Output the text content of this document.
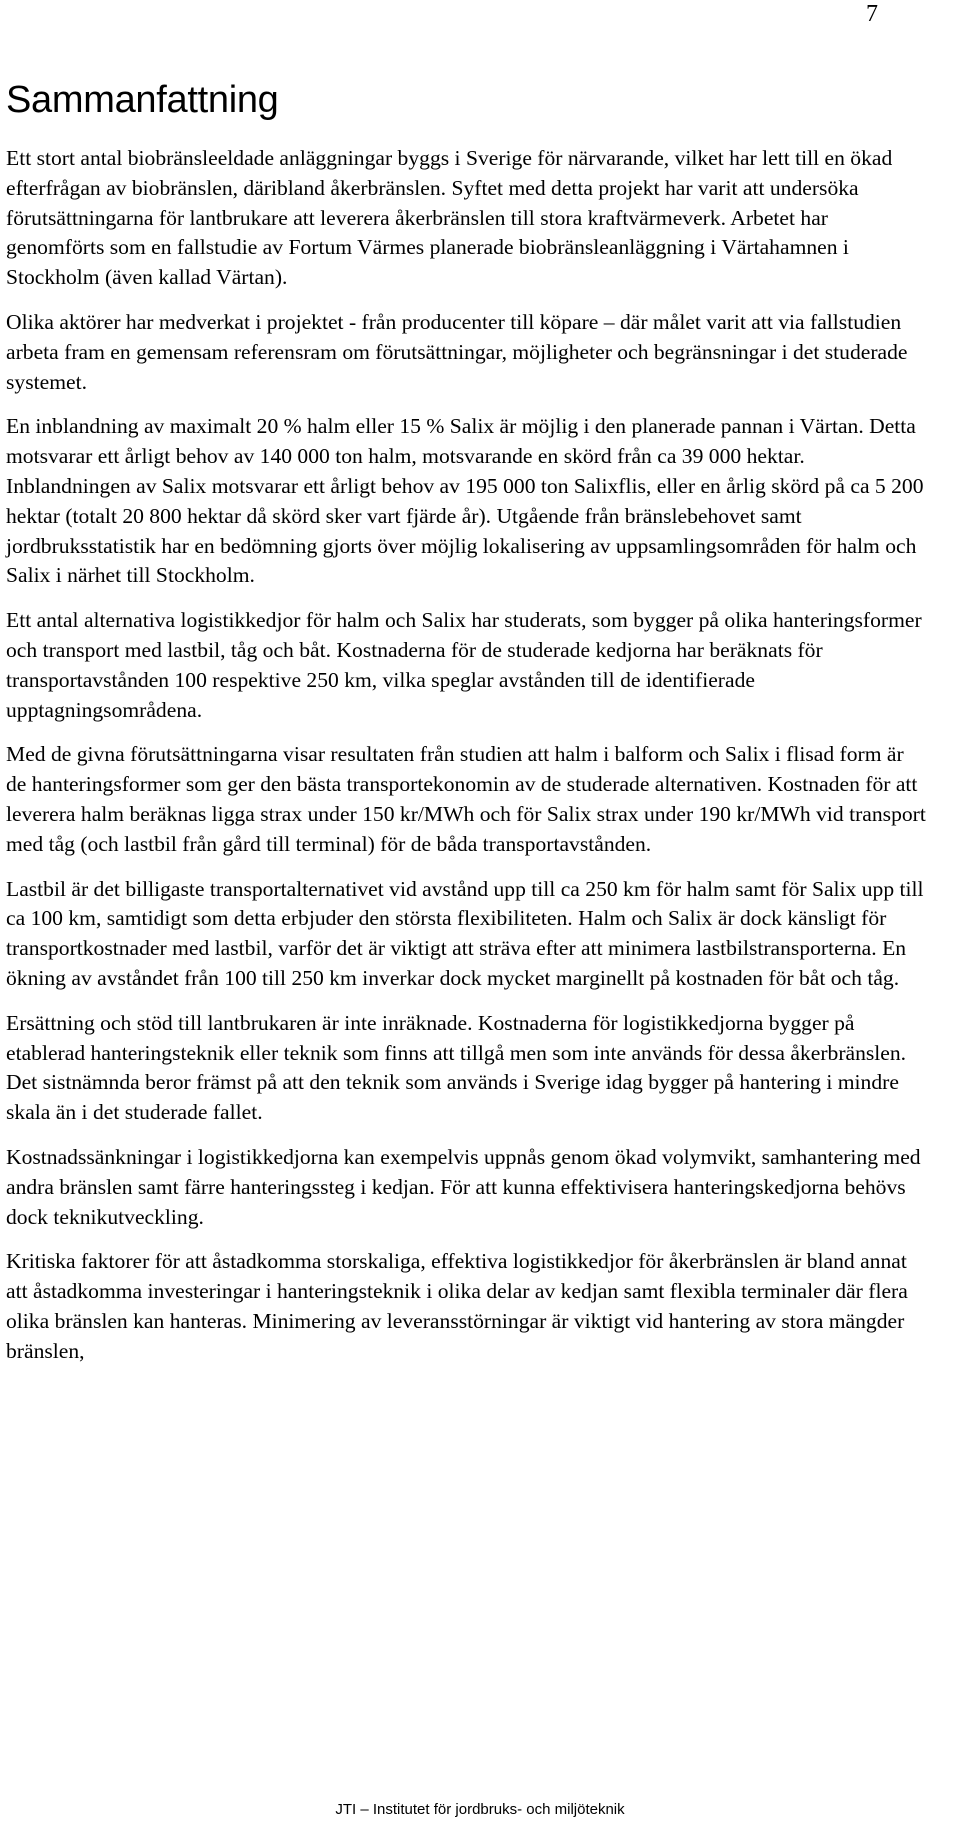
7
Sammanfattning

Ett stort antal biobränsleeldade anläggningar byggs i Sverige för närvarande, vilket har lett till en ökad efterfrågan av biobränslen, däribland åkerbränslen. Syftet med detta projekt har varit att undersöka förutsättningarna för lantbrukare att leverera åkerbränslen till stora kraftvärmeverk. Arbetet har genomförts som en fallstudie av Fortum Värmes planerade biobränsleanläggning i Värtahamnen i Stockholm (även kallad Värtan).

Olika aktörer har medverkat i projektet - från producenter till köpare – där målet varit att via fallstudien arbeta fram en gemensam referensram om förutsättningar, möjligheter och begränsningar i det studerade systemet.

En inblandning av maximalt 20 % halm eller 15 % Salix är möjlig i den planerade pannan i Värtan. Detta motsvarar ett årligt behov av 140 000 ton halm, motsvarande en skörd från ca 39 000 hektar. Inblandningen av Salix motsvarar ett årligt behov av 195 000 ton Salixflis, eller en årlig skörd på ca 5 200 hektar (totalt 20 800 hektar då skörd sker vart fjärde år). Utgående från bränslebehovet samt jordbruksstatistik har en bedömning gjorts över möjlig lokalisering av uppsamlingsområden för halm och Salix i närhet till Stockholm.

Ett antal alternativa logistikkedjor för halm och Salix har studerats, som bygger på olika hanteringsformer och transport med lastbil, tåg och båt. Kostnaderna för de studerade kedjorna har beräknats för transportavstånden 100 respektive 250 km, vilka speglar avstånden till de identifierade upptagningsområdena.

Med de givna förutsättningarna visar resultaten från studien att halm i balform och Salix i flisad form är de hanteringsformer som ger den bästa transportekonomin av de studerade alternativen. Kostnaden för att leverera halm beräknas ligga strax under 150 kr/MWh och för Salix strax under 190 kr/MWh vid transport med tåg (och lastbil från gård till terminal) för de båda transportavstånden.

Lastbil är det billigaste transportalternativet vid avstånd upp till ca 250 km för halm samt för Salix upp till ca 100 km, samtidigt som detta erbjuder den största flexibiliteten. Halm och Salix är dock känsligt för transportkostnader med lastbil, varför det är viktigt att sträva efter att minimera lastbilstransporterna. En ökning av avståndet från 100 till 250 km inverkar dock mycket marginellt på kostnaden för båt och tåg.

Ersättning och stöd till lantbrukaren är inte inräknade. Kostnaderna för logistikkedjorna bygger på etablerad hanteringsteknik eller teknik som finns att tillgå men som inte används för dessa åkerbränslen. Det sistnämnda beror främst på att den teknik som används i Sverige idag bygger på hantering i mindre skala än i det studerade fallet.

Kostnadssänkningar i logistikkedjorna kan exempelvis uppnås genom ökad volymvikt, samhantering med andra bränslen samt färre hanteringssteg i kedjan. För att kunna effektivisera hanteringskedjorna behövs dock teknikutveckling.

Kritiska faktorer för att åstadkomma storskaliga, effektiva logistikkedjor för åkerbränslen är bland annat att åstadkomma investeringar i hanteringsteknik i olika delar av kedjan samt flexibla terminaler där flera olika bränslen kan hanteras. Minimering av leveransstörningar är viktigt vid hantering av stora mängder bränslen,

JTI – Institutet för jordbruks- och miljöteknik
